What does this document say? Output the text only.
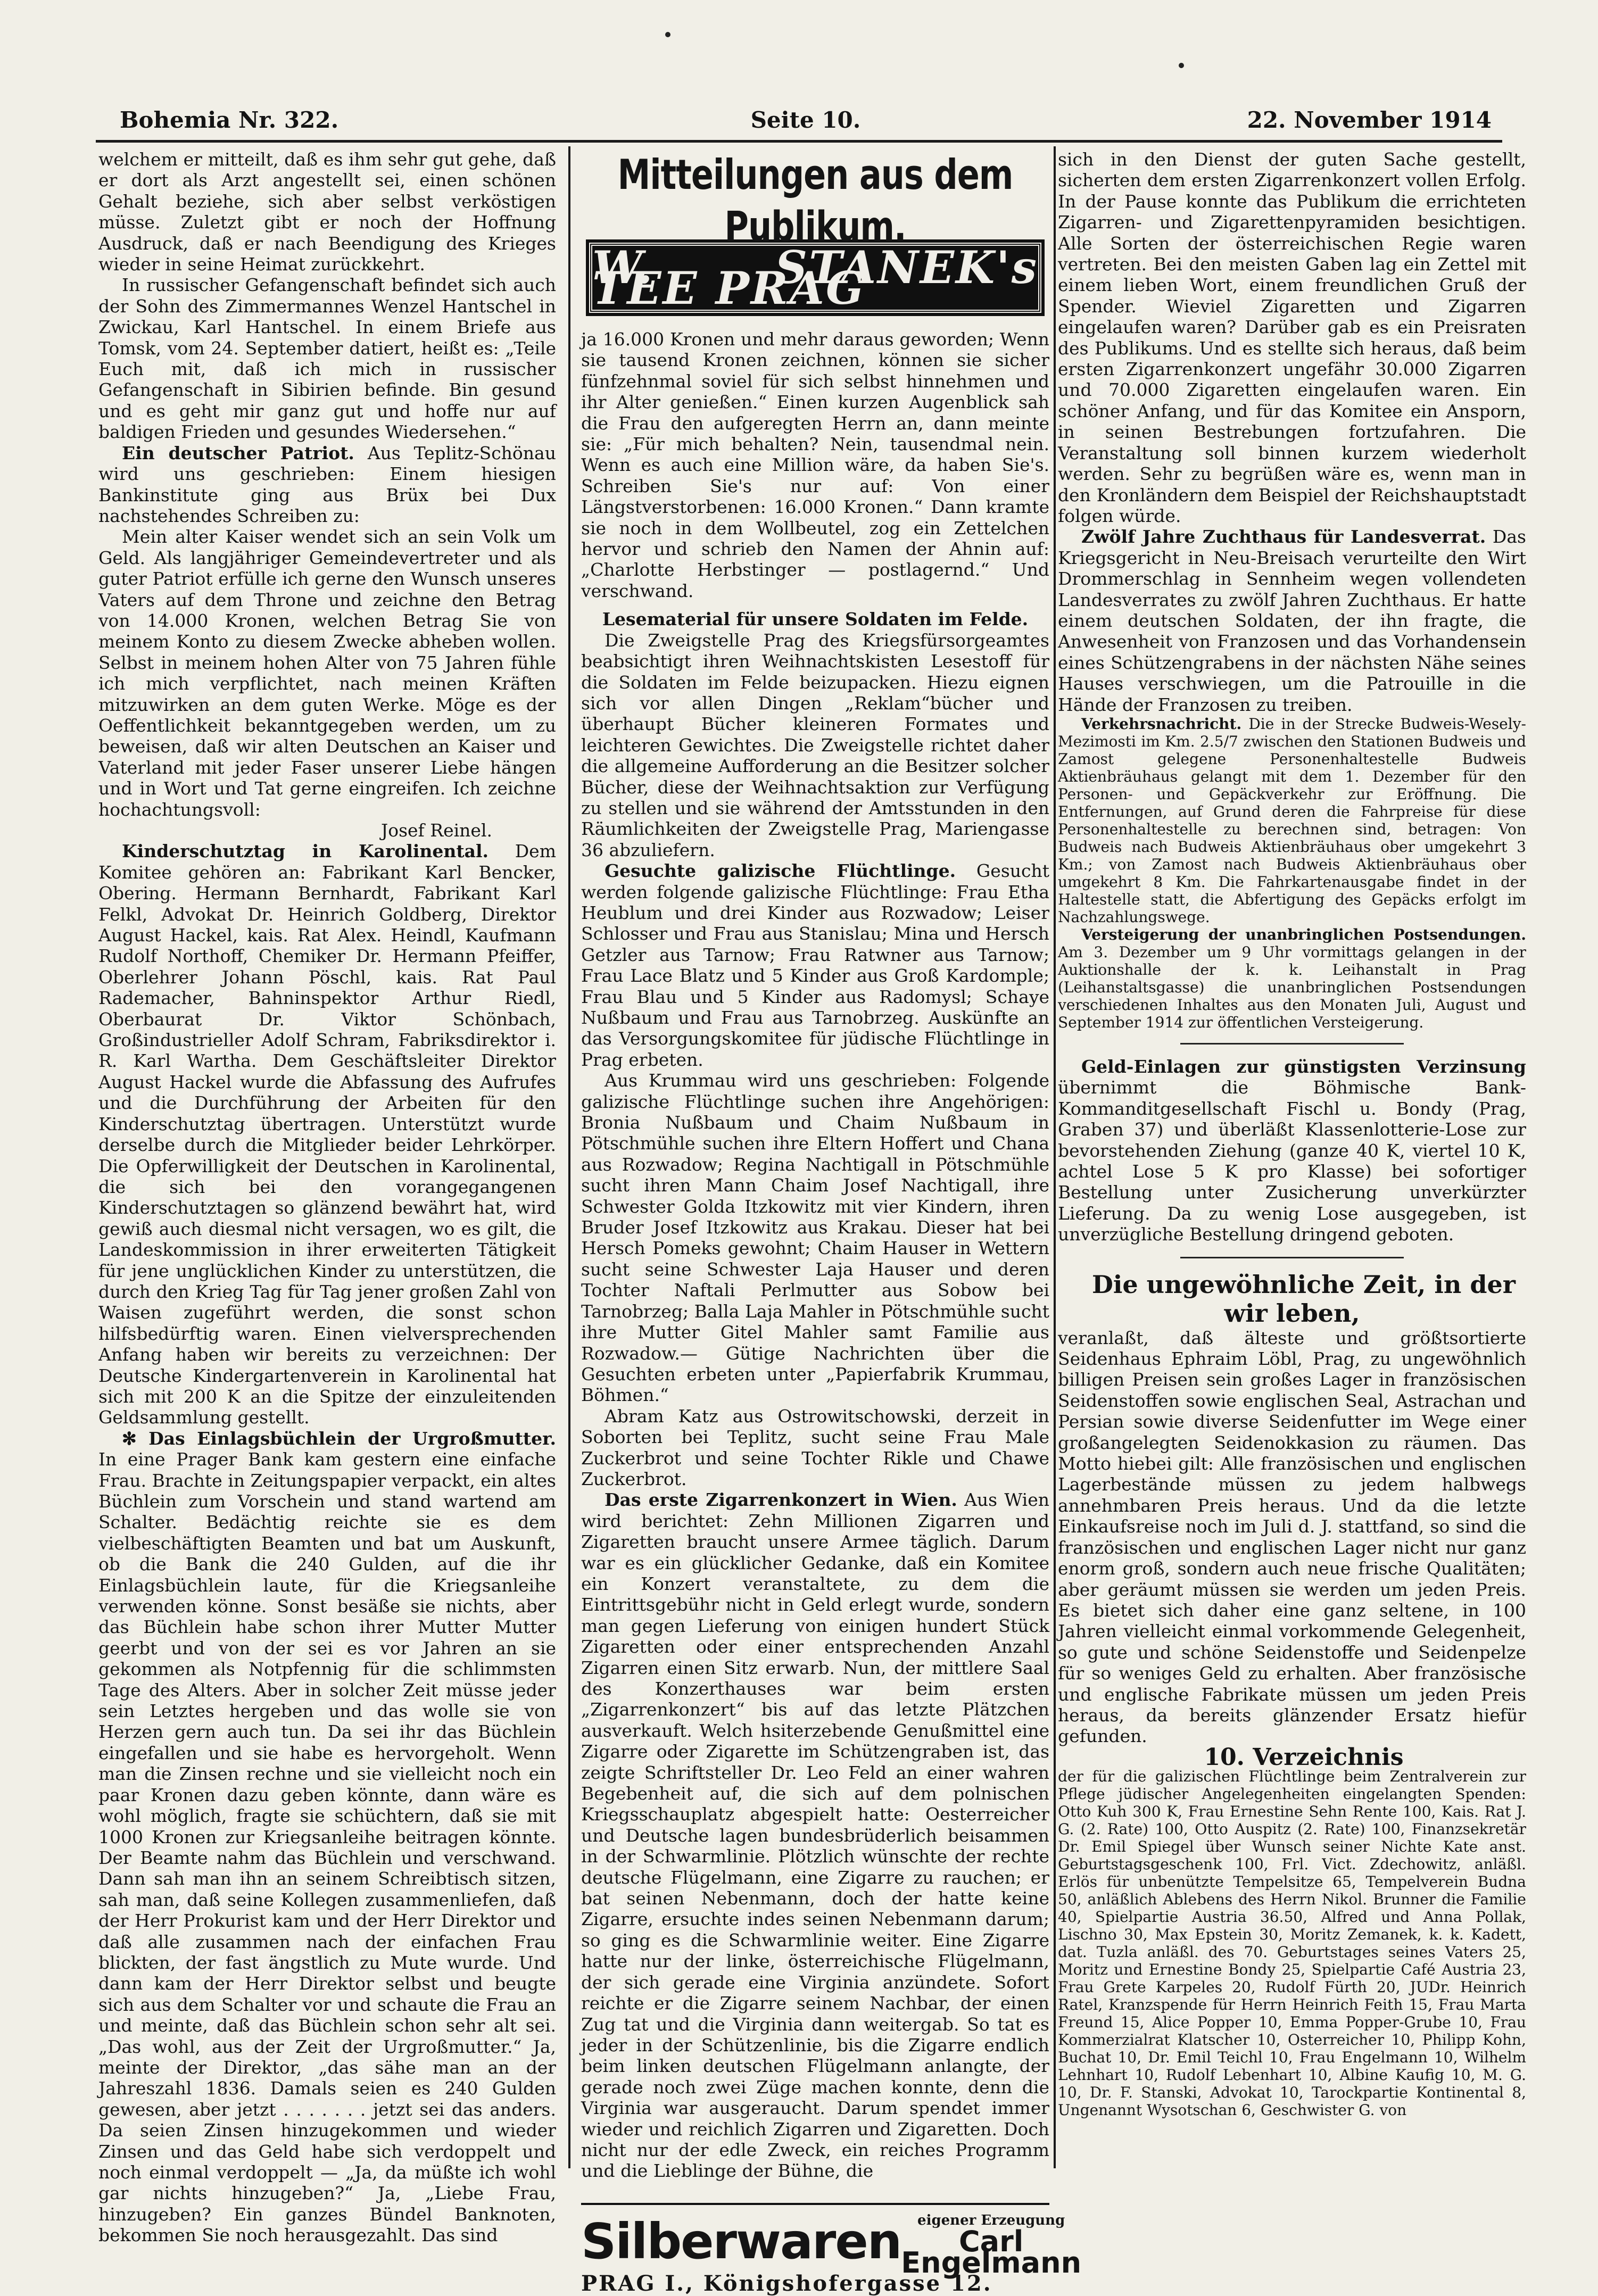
Bohemia Nr. 322.	Seite 10.	22. November 1914

welchem er mitteilt, daß es ihm sehr gut gehe, daß er dort als Arzt angestellt sei, einen schönen Gehalt beziehe, sich aber selbst verköstigen müsse. Zuletzt gibt er noch der Hoffnung Ausdruck, daß er nach Beendigung des Krieges wieder in seine Heimat zurückkehrt.

In russischer Gefangenschaft befindet sich auch der Sohn des Zimmermannes Wenzel Hantschel in Zwickau, Karl Hantschel. In einem Briefe aus Tomsk, vom 24. September datiert, heißt es: „Teile Euch mit, daß ich mich in russischer Gefangenschaft in Sibirien befinde. Bin gesund und es geht mir ganz gut und hoffe nur auf baldigen Frieden und gesundes Wiedersehen.“

Ein deutscher Patriot. Aus Teplitz-Schönau wird uns geschrieben: Einem hiesigen Bankinstitute ging aus Brüx bei Dux nachstehendes Schreiben zu:

Mein alter Kaiser wendet sich an sein Volk um Geld. Als langjähriger Gemeindevertreter und als guter Patriot erfülle ich gerne den Wunsch unseres Vaters auf dem Throne und zeichne den Betrag von 14.000 Kronen, welchen Betrag Sie von meinem Konto zu diesem Zwecke abheben wollen. Selbst in meinem hohen Alter von 75 Jahren fühle ich mich verpflichtet, nach meinen Kräften mitzuwirken an dem guten Werke. Möge es der Oeffentlichkeit bekanntgegeben werden, um zu beweisen, daß wir alten Deutschen an Kaiser und Vaterland mit jeder Faser unserer Liebe hängen und in Wort und Tat gerne eingreifen. Ich zeichne hochachtungsvoll:

Josef Reinel.

Kinderschutztag in Karolinental. Dem Komitee gehören an: Fabrikant Karl Bencker, Obering. Hermann Bernhardt, Fabrikant Karl Felkl, Advokat Dr. Heinrich Goldberg, Direktor August Hackel, kais. Rat Alex. Heindl, Kaufmann Rudolf Northoff, Chemiker Dr. Hermann Pfeiffer, Oberlehrer Johann Pöschl, kais. Rat Paul Rademacher, Bahninspektor Arthur Riedl, Oberbaurat Dr. Viktor Schönbach, Großindustrieller Adolf Schram, Fabriksdirektor i. R. Karl Wartha. Dem Geschäftsleiter Direktor August Hackel wurde die Abfassung des Aufrufes und die Durchführung der Arbeiten für den Kinderschutztag übertragen. Unterstützt wurde derselbe durch die Mitglieder beider Lehrkörper. Die Opferwilligkeit der Deutschen in Karolinental, die sich bei den vorangegangenen Kinderschutztagen so glänzend bewährt hat, wird gewiß auch diesmal nicht versagen, wo es gilt, die Landeskommission in ihrer erweiterten Tätigkeit für jene unglücklichen Kinder zu unterstützen, die durch den Krieg Tag für Tag jener großen Zahl von Waisen zugeführt werden, die sonst schon hilfsbedürftig waren. Einen vielversprechenden Anfang haben wir bereits zu verzeichnen: Der Deutsche Kindergartenverein in Karolinental hat sich mit 200 K an die Spitze der einzuleitenden Geldsammlung gestellt.

✻ Das Einlagsbüchlein der Urgroßmutter. In eine Prager Bank kam gestern eine einfache Frau. Brachte in Zeitungspapier verpackt, ein altes Büchlein zum Vorschein und stand wartend am Schalter. Bedächtig reichte sie es dem vielbeschäftigten Beamten und bat um Auskunft, ob die Bank die 240 Gulden, auf die ihr Einlagsbüchlein laute, für die Kriegsanleihe verwenden könne. Sonst besäße sie nichts, aber das Büchlein habe schon ihrer Mutter Mutter geerbt und von der sei es vor Jahren an sie gekommen als Notpfennig für die schlimmsten Tage des Alters. Aber in solcher Zeit müsse jeder sein Letztes hergeben und das wolle sie von Herzen gern auch tun. Da sei ihr das Büchlein eingefallen und sie habe es hervorgeholt. Wenn man die Zinsen rechne und sie vielleicht noch ein paar Kronen dazu geben könnte, dann wäre es wohl möglich, fragte sie schüchtern, daß sie mit 1000 Kronen zur Kriegsanleihe beitragen könnte. Der Beamte nahm das Büchlein und verschwand. Dann sah man ihn an seinem Schreibtisch sitzen, sah man, daß seine Kollegen zusammenliefen, daß der Herr Prokurist kam und der Herr Direktor und daß alle zusammen nach der einfachen Frau blickten, der fast ängstlich zu Mute wurde. Und dann kam der Herr Direktor selbst und beugte sich aus dem Schalter vor und schaute die Frau an und meinte, daß das Büchlein schon sehr alt sei. „Das wohl, aus der Zeit der Urgroßmutter.“ Ja, meinte der Direktor, „das sähe man an der Jahreszahl 1836. Damals seien es 240 Gulden gewesen, aber jetzt . . . . . . . jetzt sei das anders. Da seien Zinsen hinzugekommen und wieder Zinsen und das Geld habe sich verdoppelt und noch einmal verdoppelt — „Ja, da müßte ich wohl gar nichts hinzugeben?“ Ja, „Liebe Frau, hinzugeben? Ein ganzes Bündel Banknoten, bekommen Sie noch herausgezahlt. Das sind

Mitteilungen aus dem Publikum.
W. STANEK's TEE PRAG

ja 16.000 Kronen und mehr daraus geworden; Wenn sie tausend Kronen zeichnen, können sie sicher fünfzehnmal soviel für sich selbst hinnehmen und ihr Alter genießen.“ Einen kurzen Augenblick sah die Frau den aufgeregten Herrn an, dann meinte sie: „Für mich behalten? Nein, tausendmal nein. Wenn es auch eine Million wäre, da haben Sie's. Schreiben Sie's nur auf: Von einer Längstverstorbenen: 16.000 Kronen.“ Dann kramte sie noch in dem Wollbeutel, zog ein Zettelchen hervor und schrieb den Namen der Ahnin auf: „Charlotte Herbstinger — postlagernd.“ Und verschwand.

Lesematerial für unsere Soldaten im Felde.

Die Zweigstelle Prag des Kriegsfürsorgeamtes beabsichtigt ihren Weihnachtskisten Lesestoff für die Soldaten im Felde beizupacken. Hiezu eignen sich vor allen Dingen „Reklam“bücher und überhaupt Bücher kleineren Formates und leichteren Gewichtes. Die Zweigstelle richtet daher die allgemeine Aufforderung an die Besitzer solcher Bücher, diese der Weihnachtsaktion zur Verfügung zu stellen und sie während der Amtsstunden in den Räumlichkeiten der Zweigstelle Prag, Mariengasse 36 abzuliefern.

Gesuchte galizische Flüchtlinge. Gesucht werden folgende galizische Flüchtlinge: Frau Etha Heublum und drei Kinder aus Rozwadow; Leiser Schlosser und Frau aus Stanislau; Mina und Hersch Getzler aus Tarnow; Frau Ratwner aus Tarnow; Frau Lace Blatz und 5 Kinder aus Groß Kardomple; Frau Blau und 5 Kinder aus Radomysl; Schaye Nußbaum und Frau aus Tarnobrzeg. Auskünfte an das Versorgungskomitee für jüdische Flüchtlinge in Prag erbeten.

Aus Krummau wird uns geschrieben: Folgende galizische Flüchtlinge suchen ihre Angehörigen: Bronia Nußbaum und Chaim Nußbaum in Pötschmühle suchen ihre Eltern Hoffert und Chana aus Rozwadow; Regina Nachtigall in Pötschmühle sucht ihren Mann Chaim Josef Nachtigall, ihre Schwester Golda Itzkowitz mit vier Kindern, ihren Bruder Josef Itzkowitz aus Krakau. Dieser hat bei Hersch Pomeks gewohnt; Chaim Hauser in Wettern sucht seine Schwester Laja Hauser und deren Tochter Naftali Perlmutter aus Sobow bei Tarnobrzeg; Balla Laja Mahler in Pötschmühle sucht ihre Mutter Gitel Mahler samt Familie aus Rozwadow.— Gütige Nachrichten über die Gesuchten erbeten unter „Papierfabrik Krummau, Böhmen.“

Abram Katz aus Ostrowitschowski, derzeit in Soborten bei Teplitz, sucht seine Frau Male Zuckerbrot und seine Tochter Rikle und Chawe Zuckerbrot.

Das erste Zigarrenkonzert in Wien. Aus Wien wird berichtet: Zehn Millionen Zigarren und Zigaretten braucht unsere Armee täglich. Darum war es ein glücklicher Gedanke, daß ein Komitee ein Konzert veranstaltete, zu dem die Eintrittsgebühr nicht in Geld erlegt wurde, sondern man gegen Lieferung von einigen hundert Stück Zigaretten oder einer entsprechenden Anzahl Zigarren einen Sitz erwarb. Nun, der mittlere Saal des Konzerthauses war beim ersten „Zigarrenkonzert“ bis auf das letzte Plätzchen ausverkauft. Welch hsiterzebende Genußmittel eine Zigarre oder Zigarette im Schützengraben ist, das zeigte Schriftsteller Dr. Leo Feld an einer wahren Begebenheit auf, die sich auf dem polnischen Kriegsschauplatz abgespielt hatte: Oesterreicher und Deutsche lagen bundesbrüderlich beisammen in der Schwarmlinie. Plötzlich wünschte der rechte deutsche Flügelmann, eine Zigarre zu rauchen; er bat seinen Nebenmann, doch der hatte keine Zigarre, ersuchte indes seinen Nebenmann darum; so ging es die Schwarmlinie weiter. Eine Zigarre hatte nur der linke, österreichische Flügelmann, der sich gerade eine Virginia anzündete. Sofort reichte er die Zigarre seinem Nachbar, der einen Zug tat und die Virginia dann weitergab. So tat es jeder in der Schützenlinie, bis die Zigarre endlich beim linken deutschen Flügelmann anlangte, der gerade noch zwei Züge machen konnte, denn die Virginia war ausgeraucht. Darum spendet immer wieder und reichlich Zigarren und Zigaretten. Doch nicht nur der edle Zweck, ein reiches Programm und die Lieblinge der Bühne, die

Silberwaren	eigener Erzeugung
Carl Engelmann
PRAG I., Königshofergasse 12.

sich in den Dienst der guten Sache gestellt, sicherten dem ersten Zigarrenkonzert vollen Erfolg. In der Pause konnte das Publikum die errichteten Zigarren- und Zigarettenpyramiden besichtigen. Alle Sorten der österreichischen Regie waren vertreten. Bei den meisten Gaben lag ein Zettel mit einem lieben Wort, einem freundlichen Gruß der Spender. Wieviel Zigaretten und Zigarren eingelaufen waren? Darüber gab es ein Preisraten des Publikums. Und es stellte sich heraus, daß beim ersten Zigarrenkonzert ungefähr 30.000 Zigarren und 70.000 Zigaretten eingelaufen waren. Ein schöner Anfang, und für das Komitee ein Ansporn, in seinen Bestrebungen fortzufahren. Die Veranstaltung soll binnen kurzem wiederholt werden. Sehr zu begrüßen wäre es, wenn man in den Kronländern dem Beispiel der Reichshauptstadt folgen würde.

Zwölf Jahre Zuchthaus für Landesverrat. Das Kriegsgericht in Neu-Breisach verurteilte den Wirt Drommerschlag in Sennheim wegen vollendeten Landesverrates zu zwölf Jahren Zuchthaus. Er hatte einem deutschen Soldaten, der ihn fragte, die Anwesenheit von Franzosen und das Vorhandensein eines Schützengrabens in der nächsten Nähe seines Hauses verschwiegen, um die Patrouille in die Hände der Franzosen zu treiben.

Verkehrsnachricht. Die in der Strecke Budweis-Wesely-Mezimosti im Km. 2.5/7 zwischen den Stationen Budweis und Zamost gelegene Personenhaltestelle Budweis Aktienbräuhaus gelangt mit dem 1. Dezember für den Personen- und Gepäckverkehr zur Eröffnung. Die Entfernungen, auf Grund deren die Fahrpreise für diese Personenhaltestelle zu berechnen sind, betragen: Von Budweis nach Budweis Aktienbräuhaus ober umgekehrt 3 Km.; von Zamost nach Budweis Aktienbräuhaus ober umgekehrt 8 Km. Die Fahrkartenausgabe findet in der Haltestelle statt, die Abfertigung des Gepäcks erfolgt im Nachzahlungswege.

Versteigerung der unanbringlichen Postsendungen. Am 3. Dezember um 9 Uhr vormittags gelangen in der Auktionshalle der k. k. Leihanstalt in Prag (Leihanstaltsgasse) die unanbringlichen Postsendungen verschiedenen Inhaltes aus den Monaten Juli, August und September 1914 zur öffentlichen Versteigerung.

Geld-Einlagen zur günstigsten Verzinsung übernimmt die Böhmische Bank-Kommanditgesellschaft Fischl u. Bondy (Prag, Graben 37) und überläßt Klassenlotterie-Lose zur bevorstehenden Ziehung (ganze 40 K, viertel 10 K, achtel Lose 5 K pro Klasse) bei sofortiger Bestellung unter Zusicherung unverkürzter Lieferung. Da zu wenig Lose ausgegeben, ist unverzügliche Bestellung dringend geboten.

Die ungewöhnliche Zeit, in der wir leben,

veranlaßt, daß älteste und größtsortierte Seidenhaus Ephraim Löbl, Prag, zu ungewöhnlich billigen Preisen sein großes Lager in französischen Seidenstoffen sowie englischen Seal, Astrachan und Persian sowie diverse Seidenfutter im Wege einer großangelegten Seidenokkasion zu räumen. Das Motto hiebei gilt: Alle französischen und englischen Lagerbestände müssen zu jedem halbwegs annehmbaren Preis heraus. Und da die letzte Einkaufsreise noch im Juli d. J. stattfand, so sind die französischen und englischen Lager nicht nur ganz enorm groß, sondern auch neue frische Qualitäten; aber geräumt müssen sie werden um jeden Preis. Es bietet sich daher eine ganz seltene, in 100 Jahren vielleicht einmal vorkommende Gelegenheit, so gute und schöne Seidenstoffe und Seidenpelze für so weniges Geld zu erhalten. Aber französische und englische Fabrikate müssen um jeden Preis heraus, da bereits glänzender Ersatz hiefür gefunden.

10. Verzeichnis

der für die galizischen Flüchtlinge beim Zentralverein zur Pflege jüdischer Angelegenheiten eingelangten Spenden: Otto Kuh 300 K, Frau Ernestine Sehn Rente 100, Kais. Rat J. G. (2. Rate) 100, Otto Auspitz (2. Rate) 100, Finanzsekretär Dr. Emil Spiegel über Wunsch seiner Nichte Kate anst. Geburtstagsgeschenk 100, Frl. Vict. Zdechowitz, anläßl. Erlös für unbenützte Tempelsitze 65, Tempelverein Budna 50, anläßlich Ablebens des Herrn Nikol. Brunner die Familie 40, Spielpartie Austria 36.50, Alfred und Anna Pollak, Lischno 30, Max Epstein 30, Moritz Zemanek, k. k. Kadett, dat. Tuzla anläßl. des 70. Geburtstages seines Vaters 25, Moritz und Ernestine Bondy 25, Spielpartie Café Austria 23, Frau Grete Karpeles 20, Rudolf Fürth 20, JUDr. Heinrich Ratel, Kranzspende für Herrn Heinrich Feith 15, Frau Marta Freund 15, Alice Popper 10, Emma Popper-Grube 10, Frau Kommerzialrat Klatscher 10, Osterreicher 10, Philipp Kohn, Buchat 10, Dr. Emil Teichl 10, Frau Engelmann 10, Wilhelm Lehnhart 10, Rudolf Lebenhart 10, Albine Kaufig 10, M. G. 10, Dr. F. Stanski, Advokat 10, Tarockpartie Kontinental 8, Ungenannt Wysotschan 6, Geschwister G. von
